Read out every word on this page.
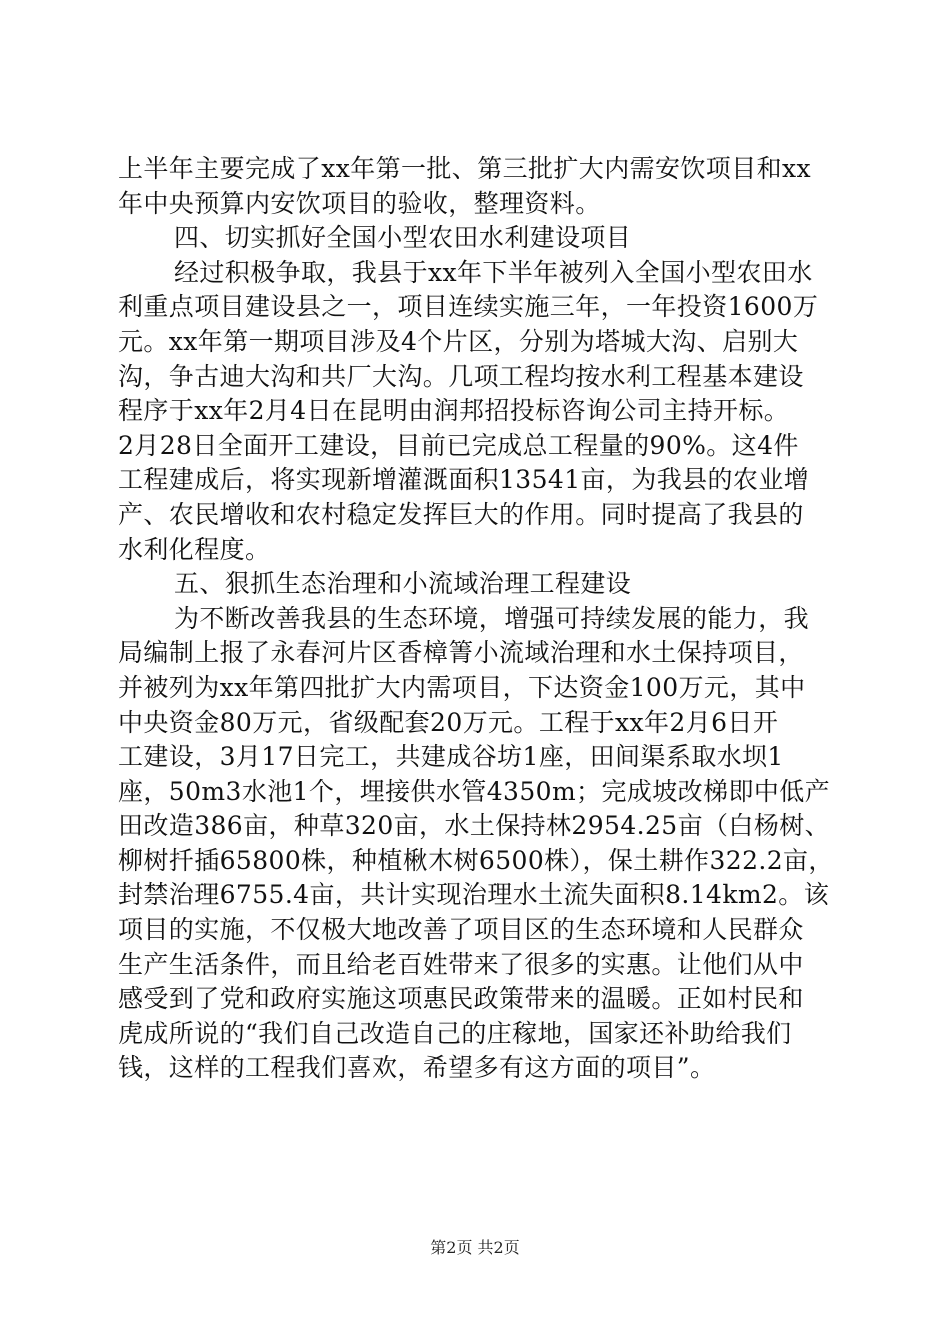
上半年主要完成了xx年第一批、第三批扩大内需安饮项目和xx
年中央预算内安饮项目的验收，整理资料。
四、切实抓好全国小型农田水利建设项目
经过积极争取，我县于xx年下半年被列入全国小型农田水
利重点项目建设县之一，项目连续实施三年，一年投资1600万
元。xx年第一期项目涉及4个片区，分别为塔城大沟、启别大
沟，争古迪大沟和共厂大沟。几项工程均按水利工程基本建设
程序于xx年2月4日在昆明由润邦招投标咨询公司主持开标。
2月28日全面开工建设，目前已完成总工程量的90%。这4件
工程建成后，将实现新增灌溉面积13541亩，为我县的农业增
产、农民增收和农村稳定发挥巨大的作用。同时提高了我县的
水利化程度。
五、狠抓生态治理和小流域治理工程建设
为不断改善我县的生态环境，增强可持续发展的能力，我
局编制上报了永春河片区香樟箐小流域治理和水土保持项目，
并被列为xx年第四批扩大内需项目，下达资金100万元，其中
中央资金80万元，省级配套20万元。工程于xx年2月6日开
工建设，3月17日完工，共建成谷坊1座，田间渠系取水坝1
座，50m3水池1个，埋接供水管4350m；完成坡改梯即中低产
田改造386亩，种草320亩，水土保持林2954.25亩（白杨树、
柳树扦插65800株，种植楸木树6500株），保土耕作322.2亩，
封禁治理6755.4亩，共计实现治理水土流失面积8.14km2。该
项目的实施，不仅极大地改善了项目区的生态环境和人民群众
生产生活条件，而且给老百姓带来了很多的实惠。让他们从中
感受到了党和政府实施这项惠民政策带来的温暖。正如村民和
虎成所说的“我们自己改造自己的庄稼地，国家还补助给我们
钱，这样的工程我们喜欢，希望多有这方面的项目”。
第2页 共2页
